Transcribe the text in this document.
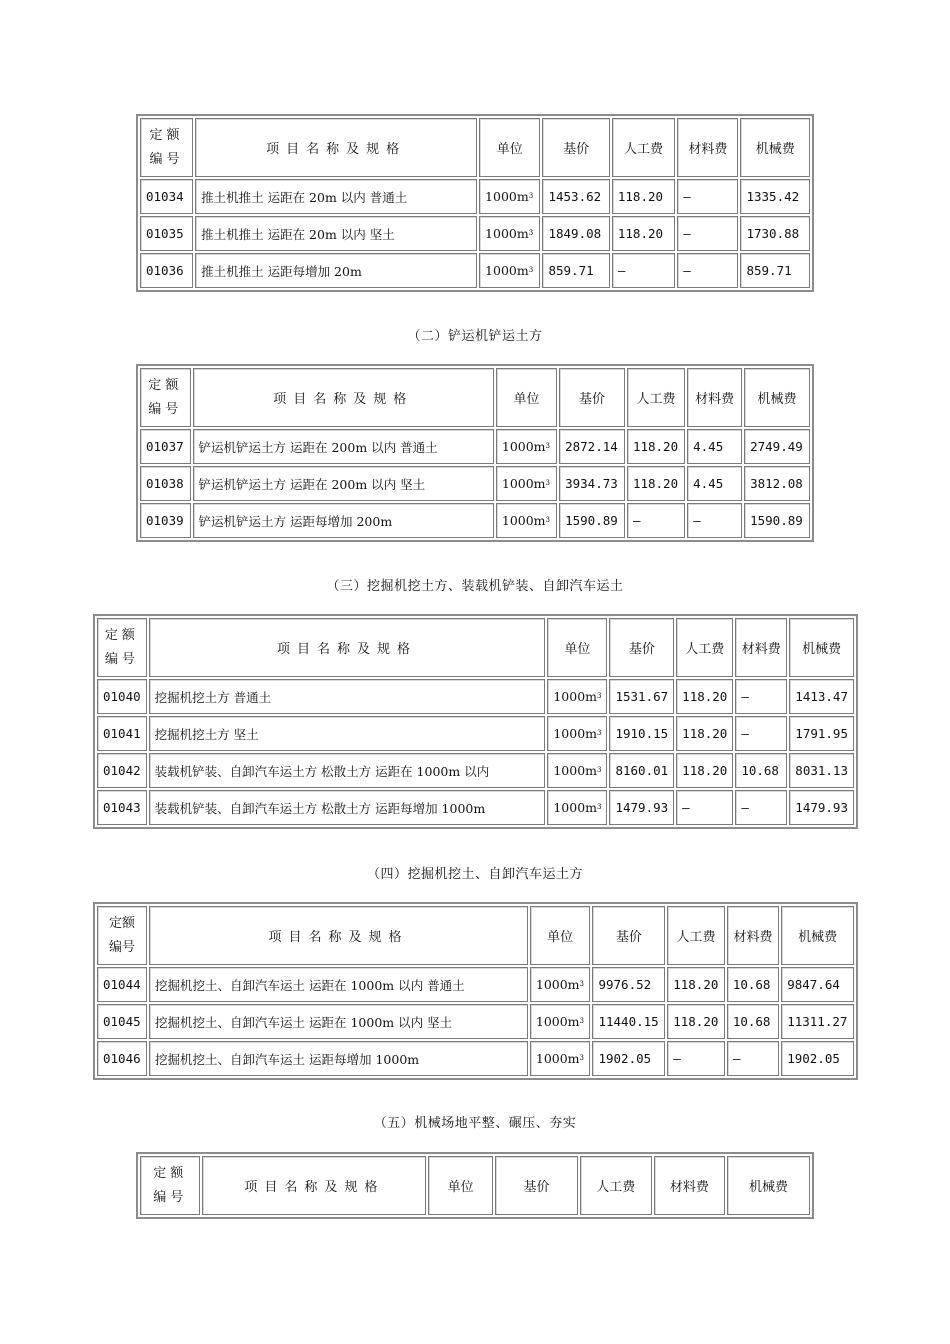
定额
编号	项目名称及规格	单位	基价	人工费	材料费	机械费
01034	推土机推土 运距在 20m 以内 普通土	$1000m^3$	1453.62	118.20	—	1335.42
01035	推土机推土 运距在 20m 以内 坚土	$1000m^3$	1849.08	118.20	—	1730.88
01036	推土机推土 运距每增加 20m	$1000m^3$	859.71	—	—	859.71
（二）铲运机铲运土方
定额
编号	项目名称及规格	单位	基价	人工费	材料费	机械费
01037	铲运机铲运土方 运距在 200m 以内 普通土	$1000m^3$	2872.14	118.20	4.45	2749.49
01038	铲运机铲运土方 运距在 200m 以内 坚土	$1000m^3$	3934.73	118.20	4.45	3812.08
01039	铲运机铲运土方 运距每增加 200m	$1000m^3$	1590.89	—	—	1590.89
（三）挖掘机挖土方、装载机铲装、自卸汽车运土
定额
编号	项目名称及规格	单位	基价	人工费	材料费	机械费
01040	挖掘机挖土方 普通土	$1000m^3$	1531.67	118.20	—	1413.47
01041	挖掘机挖土方 坚土	$1000m^3$	1910.15	118.20	—	1791.95
01042	装载机铲装、自卸汽车运土方 松散土方 运距在 1000m 以内	$1000m^3$	8160.01	118.20	10.68	8031.13
01043	装载机铲装、自卸汽车运土方 松散土方 运距每增加 1000m	$1000m^3$	1479.93	—	—	1479.93
（四）挖掘机挖土、自卸汽车运土方
定额
编号	项目名称及规格	单位	基价	人工费	材料费	机械费
01044	挖掘机挖土、自卸汽车运土 运距在 1000m 以内 普通土	$1000m^3$	9976.52	118.20	10.68	9847.64
01045	挖掘机挖土、自卸汽车运土 运距在 1000m 以内 坚土	$1000m^3$	11440.15	118.20	10.68	11311.27
01046	挖掘机挖土、自卸汽车运土 运距每增加 1000m	$1000m^3$	1902.05	—	—	1902.05
（五）机械场地平整、碾压、夯实
定额
编号
	项目名称及规格	单位	基价	人工费	材料费	机械费
